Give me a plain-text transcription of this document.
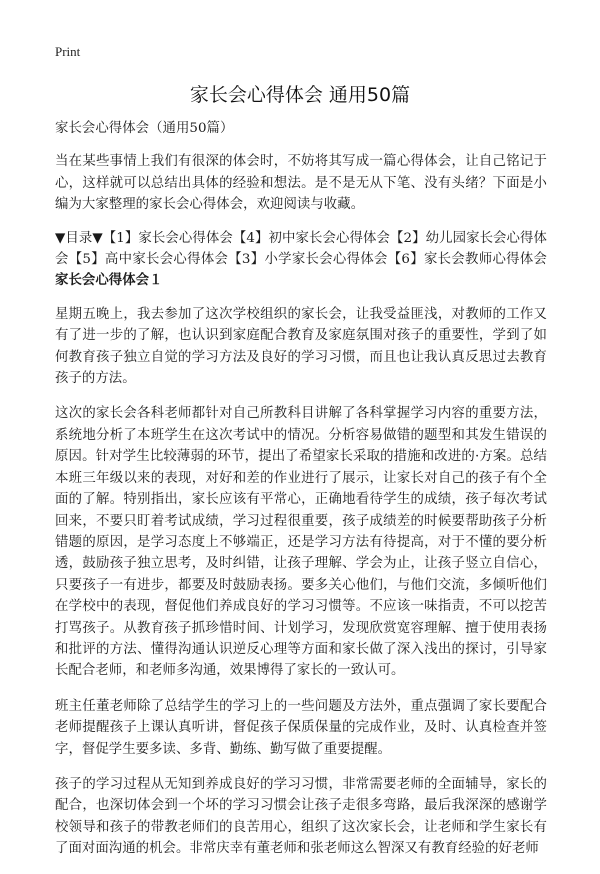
Print
家长会心得体会 通用50篇

家长会心得体会（通用50篇）

当在某些事情上我们有很深的体会时，不妨将其写成一篇心得体会，让自己铭记于心，这样就可以总结出具体的经验和想法。是不是无从下笔、没有头绪？下面是小编为大家整理的家长会心得体会，欢迎阅读与收藏。

▼目录▼【1】家长会心得体会【4】初中家长会心得体会【2】幼儿园家长会心得体会【5】高中家长会心得体会【3】小学家长会心得体会【6】家长会教师心得体会家长会心得体会１

星期五晚上，我去参加了这次学校组织的家长会，让我受益匪浅，对教师的工作又有了进一步的了解，也认识到家庭配合教育及家庭氛围对孩子的重要性，学到了如何教育孩子独立自觉的学习方法及良好的学习习惯，而且也让我认真反思过去教育孩子的方法。

这次的家长会各科老师都针对自己所教科目讲解了各科掌握学习内容的重要方法，系统地分析了本班学生在这次考试中的情况。分析容易做错的题型和其发生错误的原因。针对学生比较薄弱的环节，提出了希望家长采取的措施和改进的·方案。总结本班三年级以来的表现，对好和差的作业进行了展示，让家长对自己的孩子有个全面的了解。特别指出，家长应该有平常心，正确地看待学生的成绩，孩子每次考试回来，不要只盯着考试成绩，学习过程很重要，孩子成绩差的时候要帮助孩子分析错题的原因，是学习态度上不够端正，还是学习方法有待提高，对于不懂的要分析透，鼓励孩子独立思考，及时纠错，让孩子理解、学会为止，让孩子竖立自信心，只要孩子一有进步，都要及时鼓励表扬。要多关心他们，与他们交流，多倾听他们在学校中的表现，督促他们养成良好的学习习惯等。不应该一味指责，不可以挖苦打骂孩子。从教育孩子抓珍惜时间、计划学习，发现欣赏宽容理解、擅于使用表扬和批评的方法、懂得沟通认识逆反心理等方面和家长做了深入浅出的探讨，引导家长配合老师，和老师多沟通，效果博得了家长的一致认可。

班主任董老师除了总结学生的学习上的一些问题及方法外，重点强调了家长要配合老师提醒孩子上课认真听讲，督促孩子保质保量的完成作业，及时、认真检查并签字，督促学生要多读、多背、勤练、勤写做了重要提醒。

孩子的学习过程从无知到养成良好的学习习惯，非常需要老师的全面辅导，家长的配合，也深切体会到一个坏的学习习惯会让孩子走很多弯路，最后我深深的感谢学校领导和孩子的带教老师们的良苦用心，组织了这次家长会，让老师和学生家长有了面对面沟通的机会。非常庆幸有董老师和张老师这么智深又有教育经验的好老师
